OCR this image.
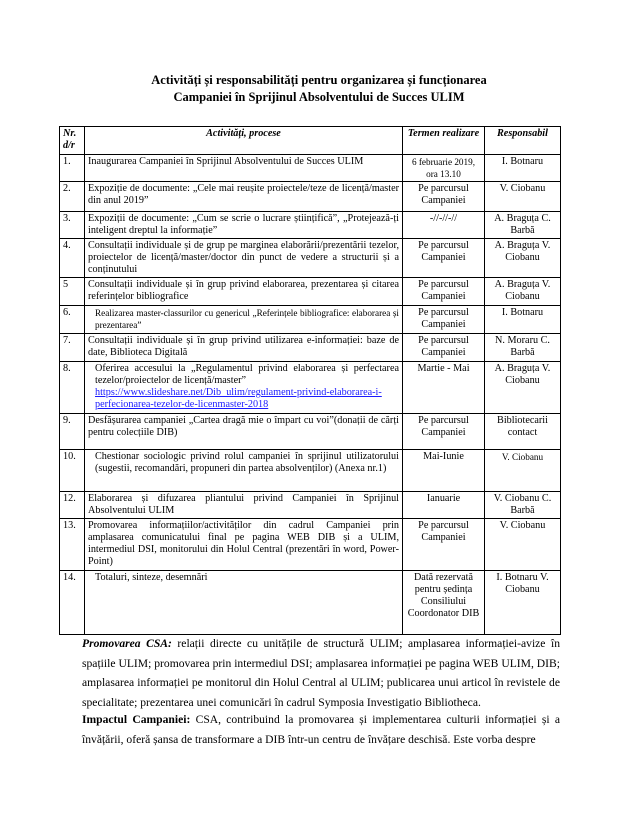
Activități și responsabilități pentru organizarea și funcționarea
Campaniei în Sprijinul Absolventului de Succes ULIM
Nr. d/r	Activități, procese	Termen realizare	Responsabil
1.	Inaugurarea Campaniei în Sprijinul Absolventului de Succes ULIM	6 februarie 2019, ora 13.10	I. Botnaru
2.	Expoziție de documente: „Cele mai reușite proiectele/teze de licență/master din anul 2019”	Pe parcursul Campaniei	V. Ciobanu
3.	Expoziții de documente: „Cum se scrie o lucrare științifică”, „Protejează-ți inteligent dreptul la informație”	-//-//-//	A. Braguța C. Barbă
4.	Consultații individuale și de grup pe marginea elaborării/prezentării tezelor, proiectelor de licență/master/doctor din punct de vedere a structurii și a conținutului	Pe parcursul Campaniei	A. Braguța V. Ciobanu
5	Consultații individuale și în grup privind elaborarea, prezentarea și citarea referințelor bibliografice	Pe parcursul Campaniei	A. Braguța V. Ciobanu
6.	Realizarea master-classurilor cu genericul „Referințele bibliografice: elaborarea și prezentarea”	Pe parcursul Campaniei	I. Botnaru
7.	Consultații individuale și în grup privind utilizarea e-informației: baze de date, Biblioteca Digitală	Pe parcursul Campaniei	N. Moraru C. Barbă
8.	Oferirea accesului la „Regulamentul privind elaborarea și perfectarea tezelor/proiectelor de licență/master”
https://www.slideshare.net/Dib_ulim/regulament-privind-elaborarea-i-perfecionarea-tezelor-de-licenmaster-2018	Martie - Mai	A. Braguța V. Ciobanu
9.	Desfășurarea campaniei „Cartea dragă mie o împart cu voi”(donații de cărți pentru colecțiile DIB)	Pe parcursul Campaniei	Bibliotecarii contact
10.	Chestionar sociologic privind rolul campaniei în sprijinul utilizatorului (sugestii, recomandări, propuneri din partea absolvenților) (Anexa nr.1)	Mai-Iunie	V. Ciobanu
12.	Elaborarea și difuzarea pliantului privind Campaniei în Sprijinul Absolventului ULIM	Ianuarie	V. Ciobanu C. Barbă
13.	Promovarea informațiilor/activităților din cadrul Campaniei prin amplasarea comunicatului final pe pagina WEB DIB și a ULIM, intermediul DSI, monitorului din Holul Central (prezentări în word, Power-Point)	Pe parcursul Campaniei	V. Ciobanu
14.	Totaluri, sinteze, desemnări	Dată rezervată pentru ședința Consiliului Coordonator DIB	I. Botnaru V. Ciobanu
Promovarea CSA: relații directe cu unitățile de structură ULIM; amplasarea informației-avize în spațiile ULIM; promovarea prin intermediul DSI; amplasarea informației pe pagina WEB ULIM, DIB; amplasarea informației pe monitorul din Holul Central al ULIM; publicarea unui articol în revistele de specialitate; prezentarea unei comunicări în cadrul Symposia Investigatio Bibliotheca.
Impactul Campaniei: CSA, contribuind la promovarea și implementarea culturii informației și a învățării, oferă șansa de transformare a DIB într-un centru de învățare deschisă. Este vorba despre
